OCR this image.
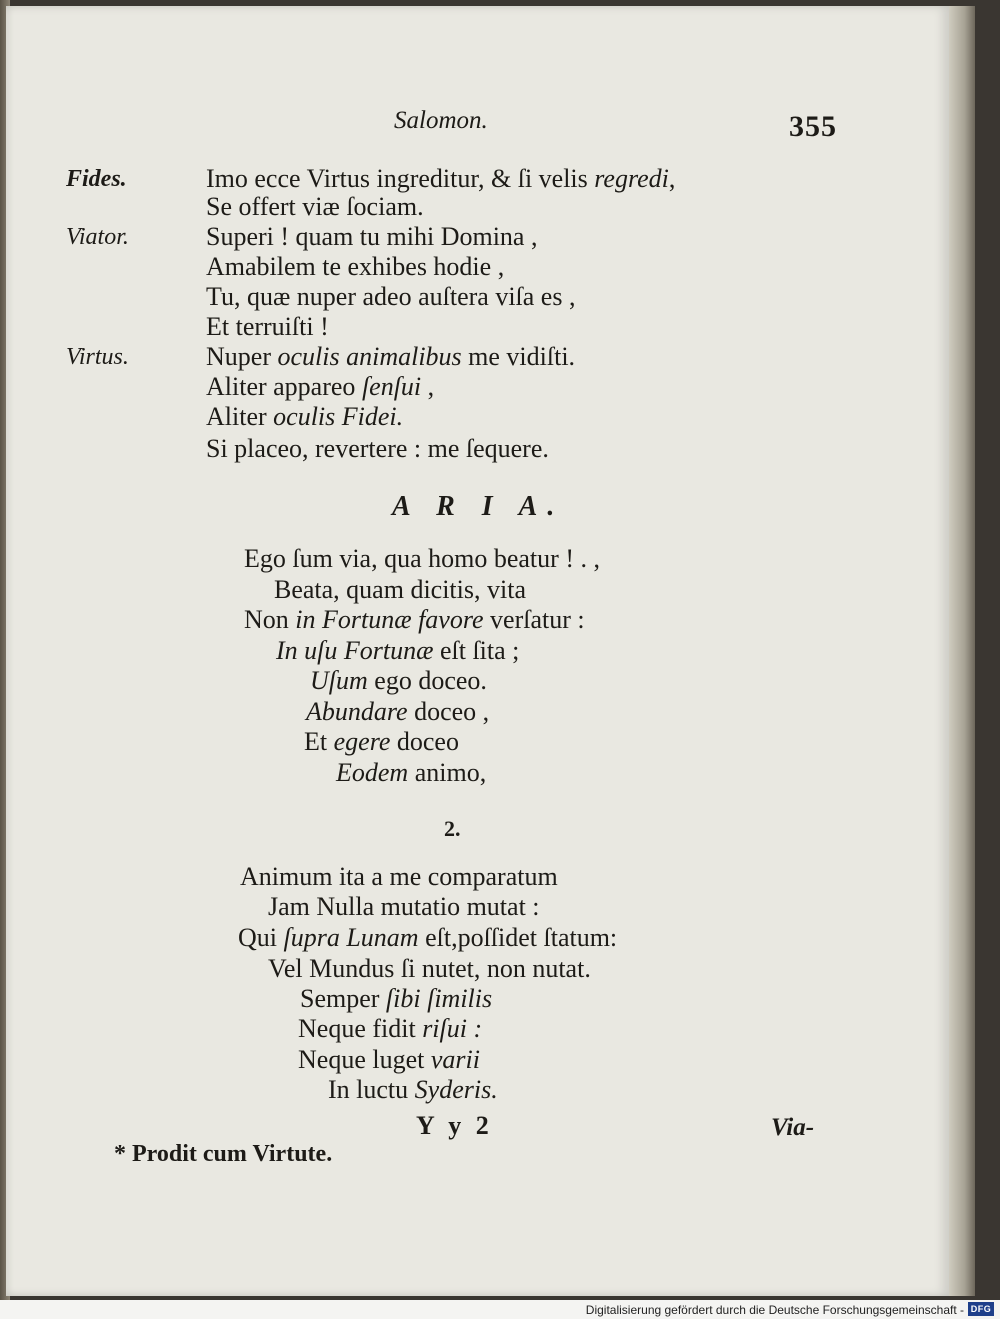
Salomon.	355
Fides.	Imo ecce Virtus ingreditur, & ſi velis regredi,
Se offert viæ ſociam.
Viator.	Superi ! quam tu mihi Domina ,
Amabilem te exhibes hodie ,
Tu, quæ nuper adeo auſtera viſa es ,
Et terruiſti !
Virtus.	Nuper oculis animalibus me vidiſti.
Aliter appareo ſenſui ,
Aliter oculis Fidei.
Si placeo, revertere : me ſequere.
A R I A.
Ego ſum via, qua homo beatur ! . ,
Beata, quam dicitis, vita
Non in Fortunæ favore verſatur :
In uſu Fortunæ eſt ſita ;
Uſum ego doceo.
Abundare doceo ,
Et egere doceo
Eodem animo,
2.
Animum ita a me comparatum
Jam Nulla mutatio mutat :
Qui ſupra Lunam eſt,poſſidet ſtatum:
Vel Mundus ſi nutet, non nutat.
Semper ſibi ſimilis
Neque fidit riſui :
Neque luget varii
In luctu Syderis.
Y y 2	Via-
* Prodit cum Virtute.
Digitalisierung gefördert durch die Deutsche Forschungsgemeinschaft - DFG
